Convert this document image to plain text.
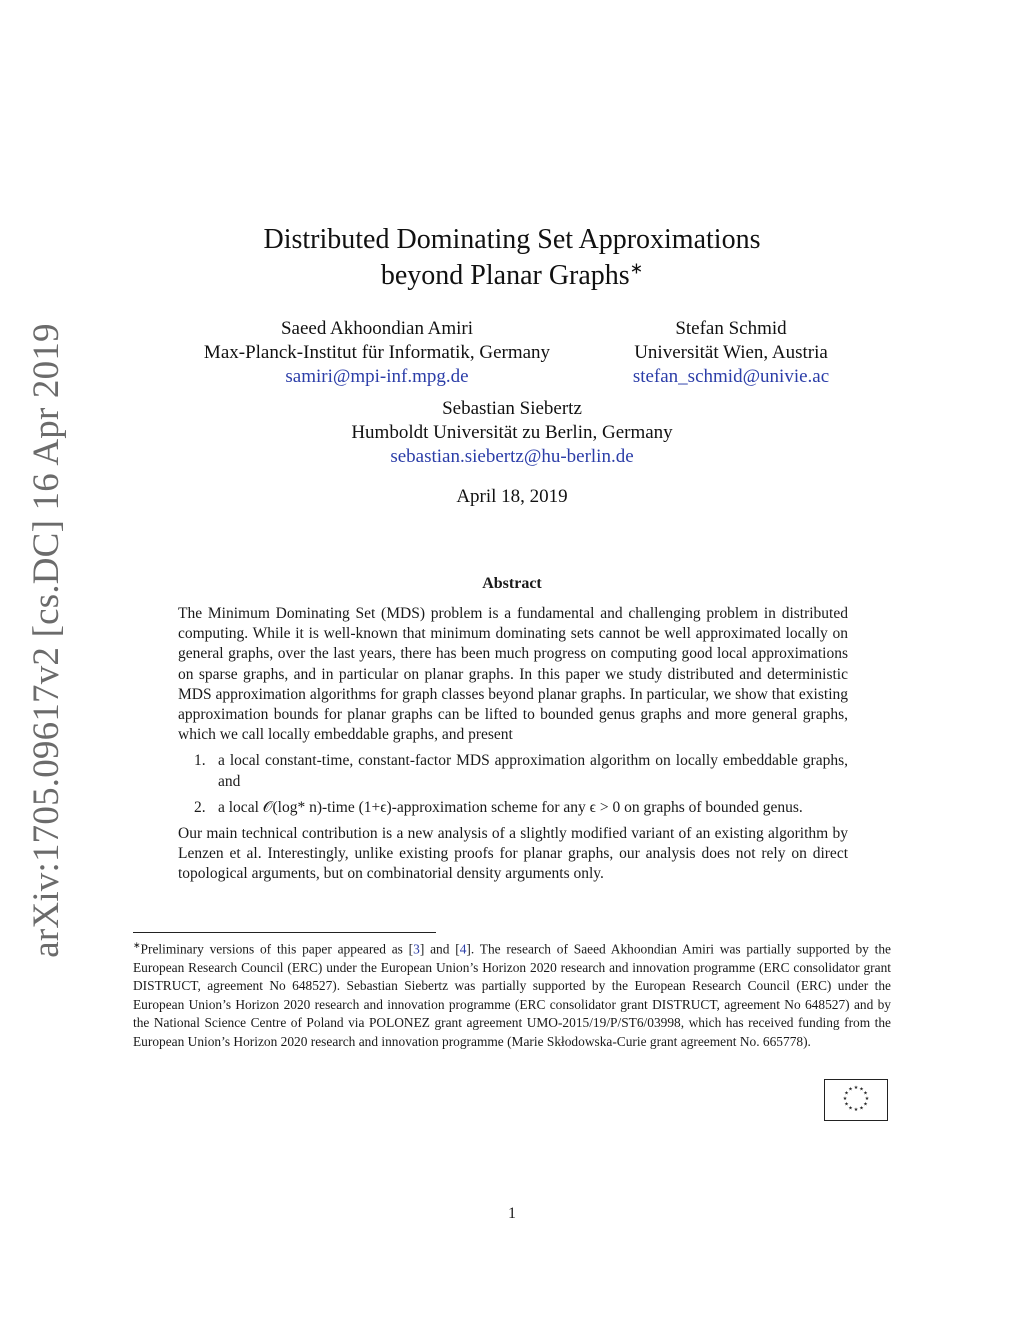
arXiv:1705.09617v2 [cs.DC] 16 Apr 2019
Distributed Dominating Set Approximations
beyond Planar Graphs∗
Saeed Akhoondian Amiri
Max-Planck-Institut für Informatik, Germany
samiri@mpi-inf.mpg.de
Stefan Schmid
Universität Wien, Austria
stefan_schmid@univie.ac
Sebastian Siebertz
Humboldt Universität zu Berlin, Germany
sebastian.siebertz@hu-berlin.de
April 18, 2019
Abstract

The Minimum Dominating Set (MDS) problem is a fundamental and challenging problem in distributed computing. While it is well-known that minimum dominating sets cannot be well approximated locally on general graphs, over the last years, there has been much progress on computing good local approximations on sparse graphs, and in particular on planar graphs. In this paper we study distributed and deterministic MDS approximation algorithms for graph classes beyond planar graphs. In particular, we show that existing approximation bounds for planar graphs can be lifted to bounded genus graphs and more general graphs, which we call locally embeddable graphs, and present

1. a local constant-time, constant-factor MDS approximation algorithm on locally embeddable graphs, and
2. a local 𝒪(log* n)-time (1+ϵ)-approximation scheme for any ϵ > 0 on graphs of bounded genus.

Our main technical contribution is a new analysis of a slightly modified variant of an existing algorithm by Lenzen et al. Interestingly, unlike existing proofs for planar graphs, our analysis does not rely on direct topological arguments, but on combinatorial density arguments only.

∗Preliminary versions of this paper appeared as [3] and [4]. The research of Saeed Akhoondian Amiri was partially supported by the European Research Council (ERC) under the European Union’s Horizon 2020 research and innovation programme (ERC consolidator grant DISTRUCT, agreement No 648527). Sebastian Siebertz was partially supported by the European Research Council (ERC) under the European Union’s Horizon 2020 research and innovation programme (ERC consolidator grant DISTRUCT, agreement No 648527) and by the National Science Centre of Poland via POLONEZ grant agreement UMO-2015/19/P/ST6/03998, which has received funding from the European Union’s Horizon 2020 research and innovation programme (Marie Skłodowska-Curie grant agreement No. 665778).
★ ★
★
★
★
★
★
★
★
★
★
★
1
